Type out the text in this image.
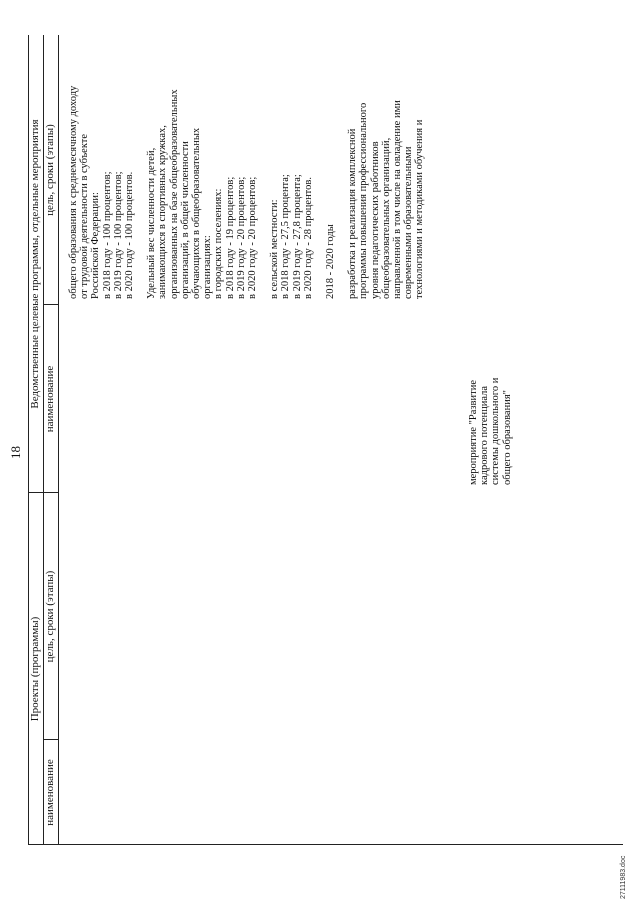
18
Проекты (программы)
Ведомственные целевые программы, отдельные мероприятия
наименование
цель, сроки (этапы)
наименование
цель, сроки (этапы)
мероприятие "Развитие кадрового потенциала системы дошкольного и общего образования"
общего образования к среднемесячному доходу от трудовой деятельности в субъекте Российской Федерации: в 2018 году - 100 процентов; в 2019 году - 100 процентов; в 2020 году - 100 процентов. Удельный вес численности детей, занимающихся в спортивных кружках, организованных на базе общеобразовательных организаций, в общей численности обучающихся в общеобразовательных организациях: в городских поселениях: в 2018 году - 19 процентов; в 2019 году - 20 процентов; в 2020 году - 20 процентов; в сельской местности: в 2018 году - 27,5 процента; в 2019 году - 27,8 процента; в 2020 году - 28 процентов. 2018 - 2020 годы разработка и реализация комплексной программы повышения профессионального уровня педагогических работников общеобразовательных организаций, направленной в том числе на овладение ими современными образовательными технологиями и методиками обучения и
27111983.doc
